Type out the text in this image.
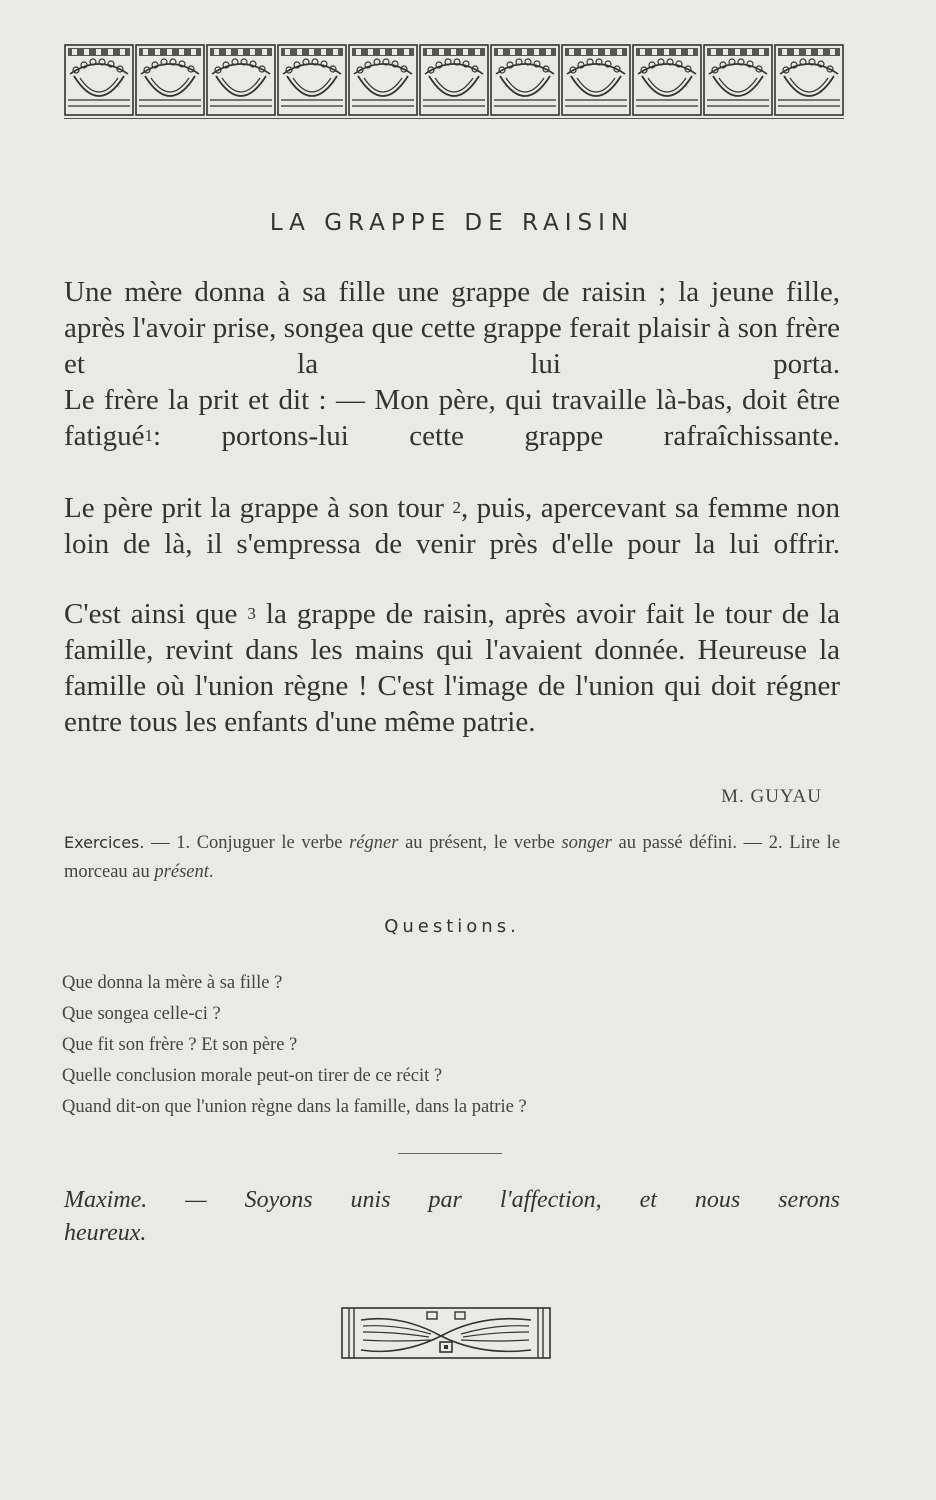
LA GRAPPE DE RAISIN

Une mère donna à sa fille une grappe de raisin ; la jeune fille, après l'avoir prise, songea que cette grappe ferait plaisir à son frère et la lui porta.

Le frère la prit et dit : — Mon père, qui travaille là-bas, doit être fatigué$^1$: portons-lui cette grappe rafraîchissante.

Le père prit la grappe à son tour $^2$, puis, apercevant sa femme non loin de là, il s'empressa de venir près d'elle pour la lui offrir.

C'est ainsi que $^3$ la grappe de raisin, après avoir fait le tour de la famille, revint dans les mains qui l'avaient donnée. Heureuse la famille où l'union règne ! C'est l'image de l'union qui doit régner entre tous les enfants d'une même patrie.

M. GUYAU

Exercices. — 1. Conjuguer le verbe régner au présent, le verbe songer au passé défini. — 2. Lire le morceau au présent.

Questions.
Que donna la mère à sa fille ?
Que songea celle-ci ?
Que fit son frère ? Et son père ?
Quelle conclusion morale peut-on tirer de ce récit ?
Quand dit-on que l'union règne dans la famille, dans la patrie ?

Maxime. — Soyons unis par l'affection, et nous serons
heureux.
